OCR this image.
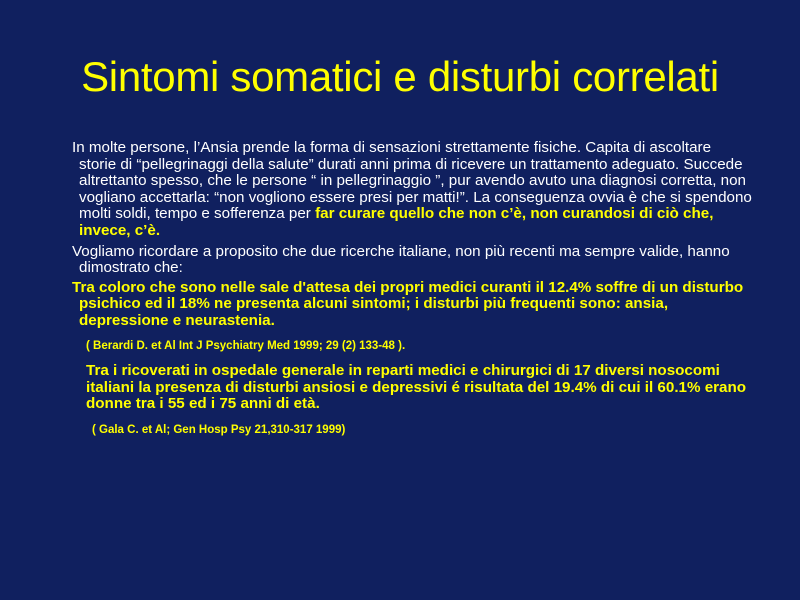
Sintomi somatici e disturbi correlati

In molte persone, l’Ansia prende la forma di sensazioni strettamente fisiche. Capita di ascoltare storie di “pellegrinaggi della salute” durati anni prima di ricevere un trattamento adeguato. Succede altrettanto spesso, che le persone “ in pellegrinaggio ”, pur avendo avuto una diagnosi corretta, non vogliano accettarla: “non vogliono essere presi per matti!”. La conseguenza ovvia è che si spendono molti soldi, tempo e sofferenza per far curare quello che non c’è, non curandosi di ciò che, invece, c’è.

Vogliamo ricordare a proposito che due ricerche italiane, non più recenti ma sempre valide, hanno dimostrato che:

Tra coloro che sono nelle sale d'attesa dei propri medici curanti il 12.4% soffre di un disturbo psichico ed il 18% ne presenta alcuni sintomi; i disturbi più frequenti sono: ansia, depressione e neurastenia.

( Berardi D. et Al Int J Psychiatry Med 1999; 29 (2) 133-48 ).

Tra i ricoverati in ospedale generale in reparti medici e chirurgici di 17 diversi nosocomi italiani la presenza di disturbi ansiosi e depressivi é risultata del 19.4% di cui il 60.1% erano donne tra i 55 ed i 75 anni di età.

( Gala C. et Al; Gen Hosp Psy 21,310-317 1999)
